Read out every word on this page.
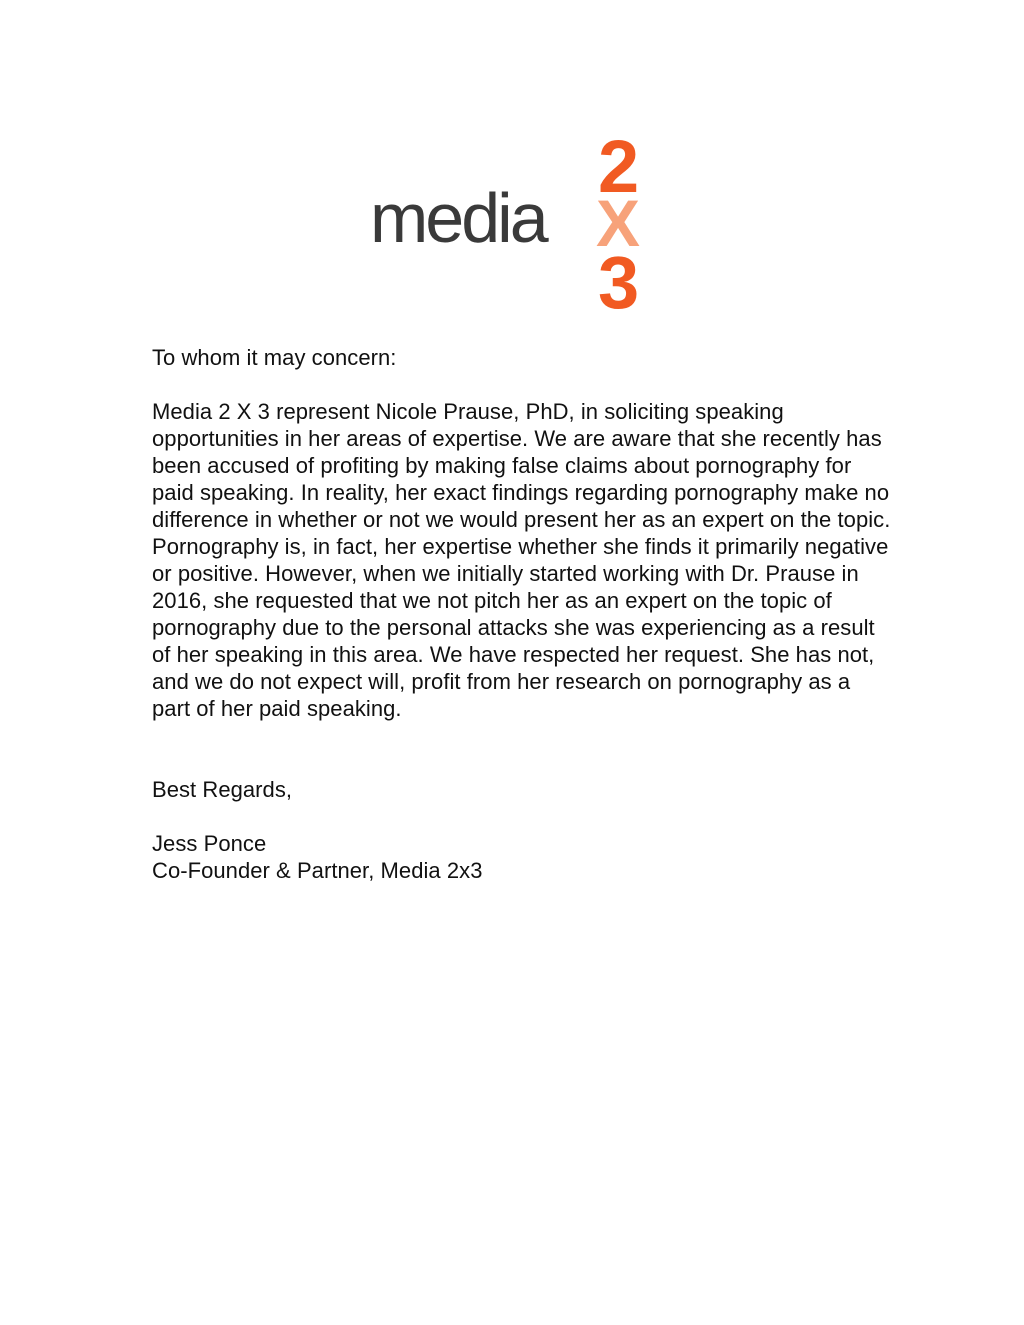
media
2
X
3

To whom it may concern:

Media 2 X 3 represent Nicole Prause, PhD, in soliciting speaking opportunities in her areas of expertise. We are aware that she recently has been accused of profiting by making false claims about pornography for paid speaking. In reality, her exact findings regarding pornography make no difference in whether or not we would present her as an expert on the topic. Pornography is, in fact, her expertise whether she finds it primarily negative or positive. However, when we initially started working with Dr. Prause in 2016, she requested that we not pitch her as an expert on the topic of pornography due to the personal attacks she was experiencing as a result of her speaking in this area. We have respected her request. She has not, and we do not expect will, profit from her research on pornography as a part of her paid speaking.

Best Regards,

Jess Ponce

Co-Founder & Partner, Media 2x3
